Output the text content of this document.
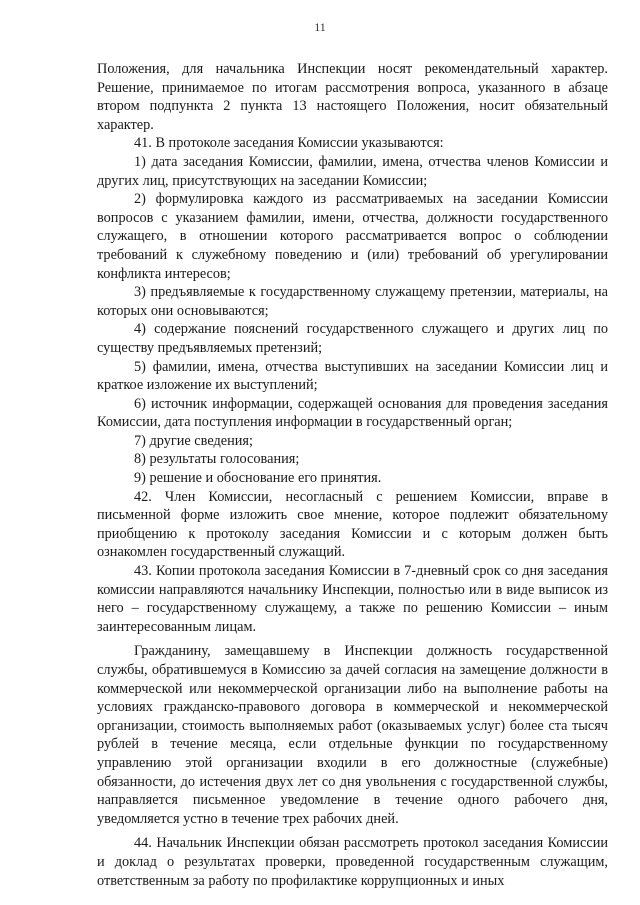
11

Положения, для начальника Инспекции носят рекомендательный характер. Решение, принимаемое по итогам рассмотрения вопроса, указанного в абзаце втором подпункта 2 пункта 13 настоящего Положения, носит обязательный характер.

41. В протоколе заседания Комиссии указываются:

1) дата заседания Комиссии, фамилии, имена, отчества членов Комиссии и других лиц, присутствующих на заседании Комиссии;

2) формулировка каждого из рассматриваемых на заседании Комиссии вопросов с указанием фамилии, имени, отчества, должности государственного служащего, в отношении которого рассматривается вопрос о соблюдении требований к служебному поведению и (или) требований об урегулировании конфликта интересов;

3) предъявляемые к государственному служащему претензии, материалы, на которых они основываются;

4) содержание пояснений государственного служащего и других лиц по существу предъявляемых претензий;

5) фамилии, имена, отчества выступивших на заседании Комиссии лиц и краткое изложение их выступлений;

6) источник информации, содержащей основания для проведения заседания Комиссии, дата поступления информации в государственный орган;

7) другие сведения;

8) результаты голосования;

9) решение и обоснование его принятия.

42. Член Комиссии, несогласный с решением Комиссии, вправе в письменной форме изложить свое мнение, которое подлежит обязательному приобщению к протоколу заседания Комиссии и с которым должен быть ознакомлен государственный служащий.

43. Копии протокола заседания Комиссии в 7-дневный срок со дня заседания комиссии направляются начальнику Инспекции, полностью или в виде выписок из него – государственному служащему, а также по решению Комиссии – иным заинтересованным лицам.

Гражданину, замещавшему в Инспекции должность государственной службы, обратившемуся в Комиссию за дачей согласия на замещение должности в коммерческой или некоммерческой организации либо на выполнение работы на условиях гражданско-правового договора в коммерческой и некоммерческой организации, стоимость выполняемых работ (оказываемых услуг) более ста тысяч рублей в течение месяца, если отдельные функции по государственному управлению этой организации входили в его должностные (служебные) обязанности, до истечения двух лет со дня увольнения с государственной службы, направляется письменное уведомление в течение одного рабочего дня, уведомляется устно в течение трех рабочих дней.

44. Начальник Инспекции обязан рассмотреть протокол заседания Комиссии и доклад о результатах проверки, проведенной государственным служащим, ответственным за работу по профилактике коррупционных и иных
